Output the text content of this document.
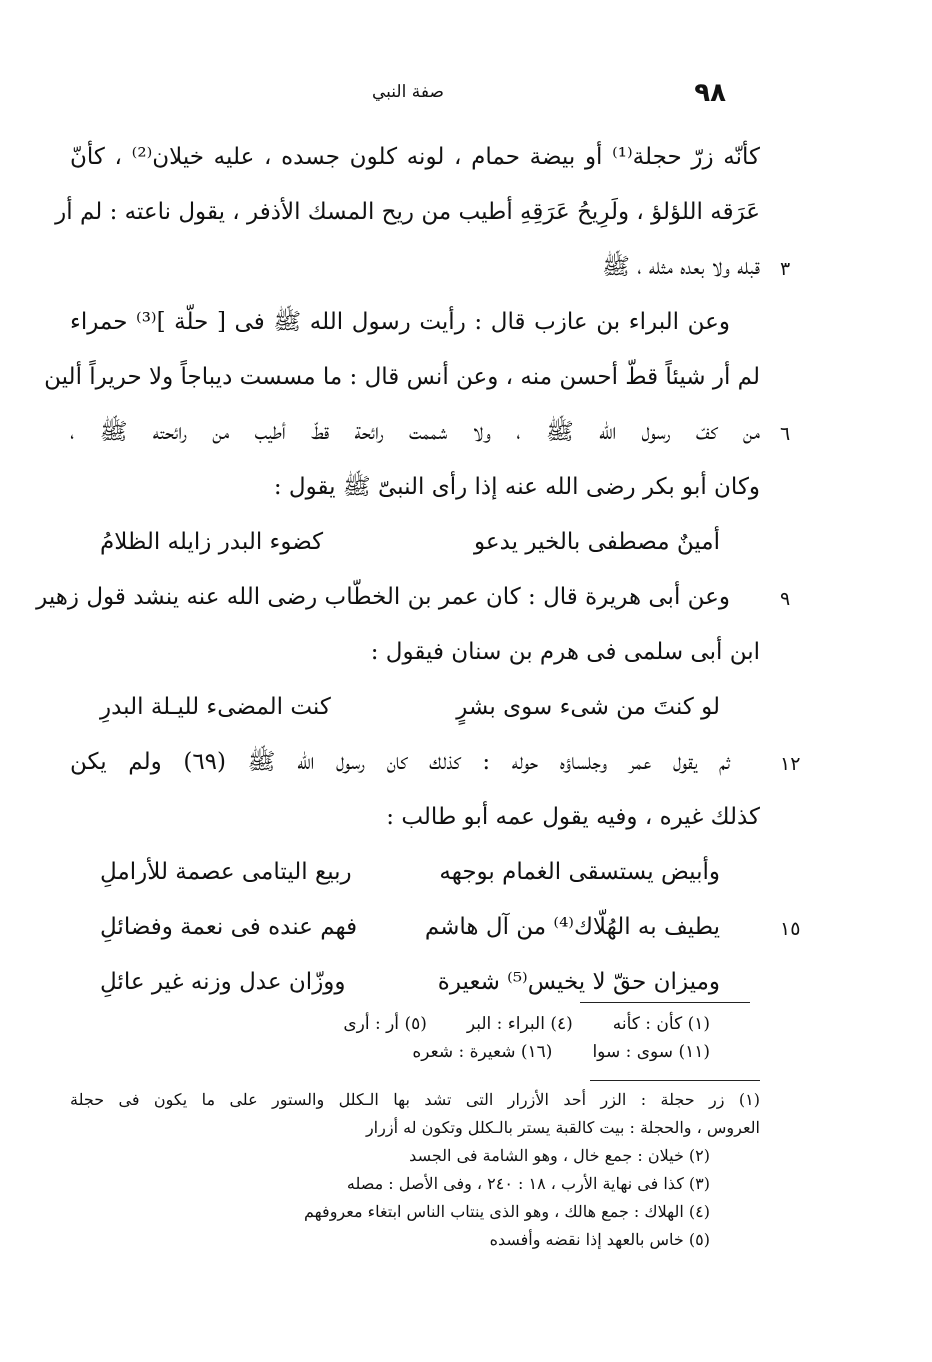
صفة النبي	٩٨
٣
٦
٩
١٢
١٥
كأنّه زرّ حجلة⁽¹⁾ أو بيضة حمام ، لونه كلون جسده ، عليه خيلان⁽²⁾ ، كأنّ
عَرَقه اللؤلؤ ، ولَرِيحُ عَرَقِهِ أطيب من ريح المسك الأذفر ، يقول ناعته : لم أر
قبله ولا بعده مثله ، ﷺ
وعن البراء بن عازب قال : رأيت رسول الله ﷺ فى [ حلّة ]⁽³⁾ حمراء
لم أر شيئاً قطّ أحسن منه ، وعن أنس قال : ما مسست ديباجاً ولا حريراً ألين
من كفّ رسول الله ﷺ ، ولا شممت رائحة قطّ أطيب من رائحته ﷺ ،
وكان أبو بكر رضى الله عنه إذا رأى النبىّ ﷺ يقول :
أمينٌ مصطفى بالخير يدعو
كضوء البدر زايله الظلامُ
وعن أبى هريرة قال : كان عمر بن الخطّاب رضى الله عنه ينشد قول زهير
ابن أبى سلمى فى هرم بن سنان فيقول :
لو كنتَ من شىء سوى بشرٍ
كنت المضىء لليـلة البدرِ
ثم يقول عمر وجلساؤه حوله : كذلك كان رسول الله ﷺ (٦٩) ولم يكن
كذلك غيره ، وفيه يقول عمه أبو طالب :
وأبيض يستسقى الغمام بوجهه
ربيع اليتامى عصمة للأراملِ
يطيف به الهُلّاك⁽⁴⁾ من آل هاشم
فهم عنده فى نعمة وفضائلِ
وميزان حقّ لا يخيس⁽⁵⁾ شعيرة
ووزّان عدل وزنه غير عائلِ
(١) كأن : كأنه
(٤) البراء : البر
(٥) أر : أرى
(١١) سوى : سوا
(١٦) شعيرة : شعره
(١) زر حجلة : الزر أحد الأزرار التى تشد بها الـكلل والستور على ما يكون فى حجلة
العروس ، والحجلة : بيت كالقبة يستر بالـكلل وتكون له أزرار
(٢) خيلان : جمع خال ، وهو الشامة فى الجسد
(٣) كذا فى نهاية الأرب ، ١٨ : ٢٤٠ ، وفى الأصل : مصله
(٤) الهلاك : جمع هالك ، وهو الذى ينتاب الناس ابتغاء معروفهم
(٥) خاس بالعهد إذا نقضه وأفسده
